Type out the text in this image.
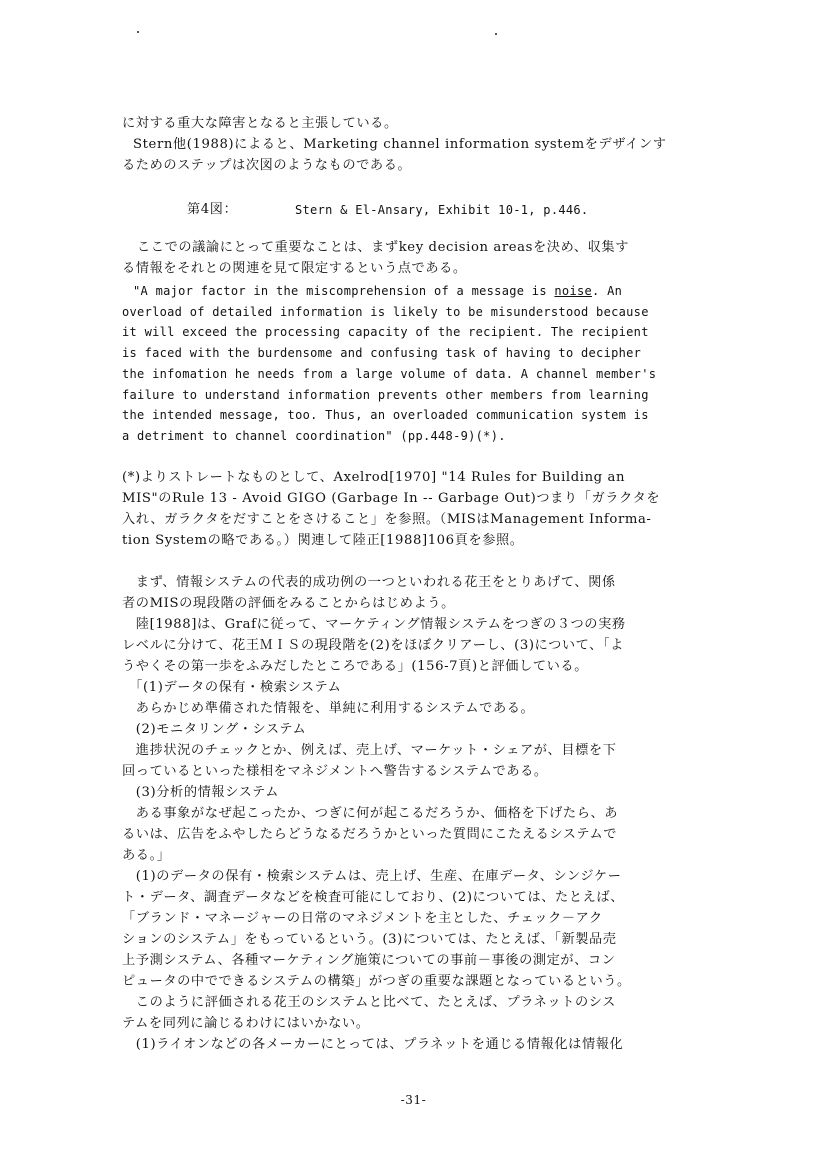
に対する重大な障害となると主張している。
Stern他(1988)によると、Marketing channel information systemをデザインす
るためのステップは次図のようなものである。
第4図：	Stern & El-Ansary, Exhibit 10-1, p.446.
ここでの議論にとって重要なことは、まずkey decision areasを決め、収集す
る情報をそれとの関連を見て限定するという点である。
"A major factor in the miscomprehension of a message is noise. An
overload of detailed information is likely to be misunderstood because
it will exceed the processing capacity of the recipient. The recipient
is faced with the burdensome and confusing task of having to decipher
the infomation he needs from a large volume of data. A channel member's
failure to understand information prevents other members from learning
the intended message, too. Thus, an overloaded communication system is
a detriment to channel coordination" (pp.448-9)(*).
(*)よりストレートなものとして、Axelrod[1970] "14 Rules for Building an
MIS"のRule 13 - Avoid GIGO (Garbage In -- Garbage Out)つまり「ガラクタを
入れ、ガラクタをだすことをさけること」を参照。（MISはManagement Informa-
tion Systemの略である。）関連して陸正[1988]106頁を参照。
　まず、情報システムの代表的成功例の一つといわれる花王をとりあげて、関係
者のMISの現段階の評価をみることからはじめよう。
　陸[1988]は、Grafに従って、マーケティング情報システムをつぎの３つの実務
レベルに分けて、花王ＭＩＳの現段階を(2)をほぼクリアーし、(3)について、「よ
うやくその第一歩をふみだしたところである」(156-7頁)と評価している。
　「(1)データの保有・検索システム
　あらかじめ準備された情報を、単純に利用するシステムである。
　(2)モニタリング・システム
　進捗状況のチェックとか、例えば、売上げ、マーケット・シェアが、目標を下
回っているといった様相をマネジメントへ警告するシステムである。
　(3)分析的情報システム
　ある事象がなぜ起こったか、つぎに何が起こるだろうか、価格を下げたら、あ
るいは、広告をふやしたらどうなるだろうかといった質問にこたえるシステムで
ある。」
　(1)のデータの保有・検索システムは、売上げ、生産、在庫データ、シンジケー
ト・データ、調査データなどを検査可能にしており、(2)については、たとえば、
「ブランド・マネージャーの日常のマネジメントを主とした、チェック－アク
ションのシステム」をもっているという。(3)については、たとえば、「新製品売
上予測システム、各種マーケティング施策についての事前－事後の測定が、コン
ピュータの中でできるシステムの構築」がつぎの重要な課題となっているという。
　このように評価される花王のシステムと比べて、たとえば、プラネットのシス
テムを同列に論じるわけにはいかない。
　(1)ライオンなどの各メーカーにとっては、プラネットを通じる情報化は情報化
-31-
